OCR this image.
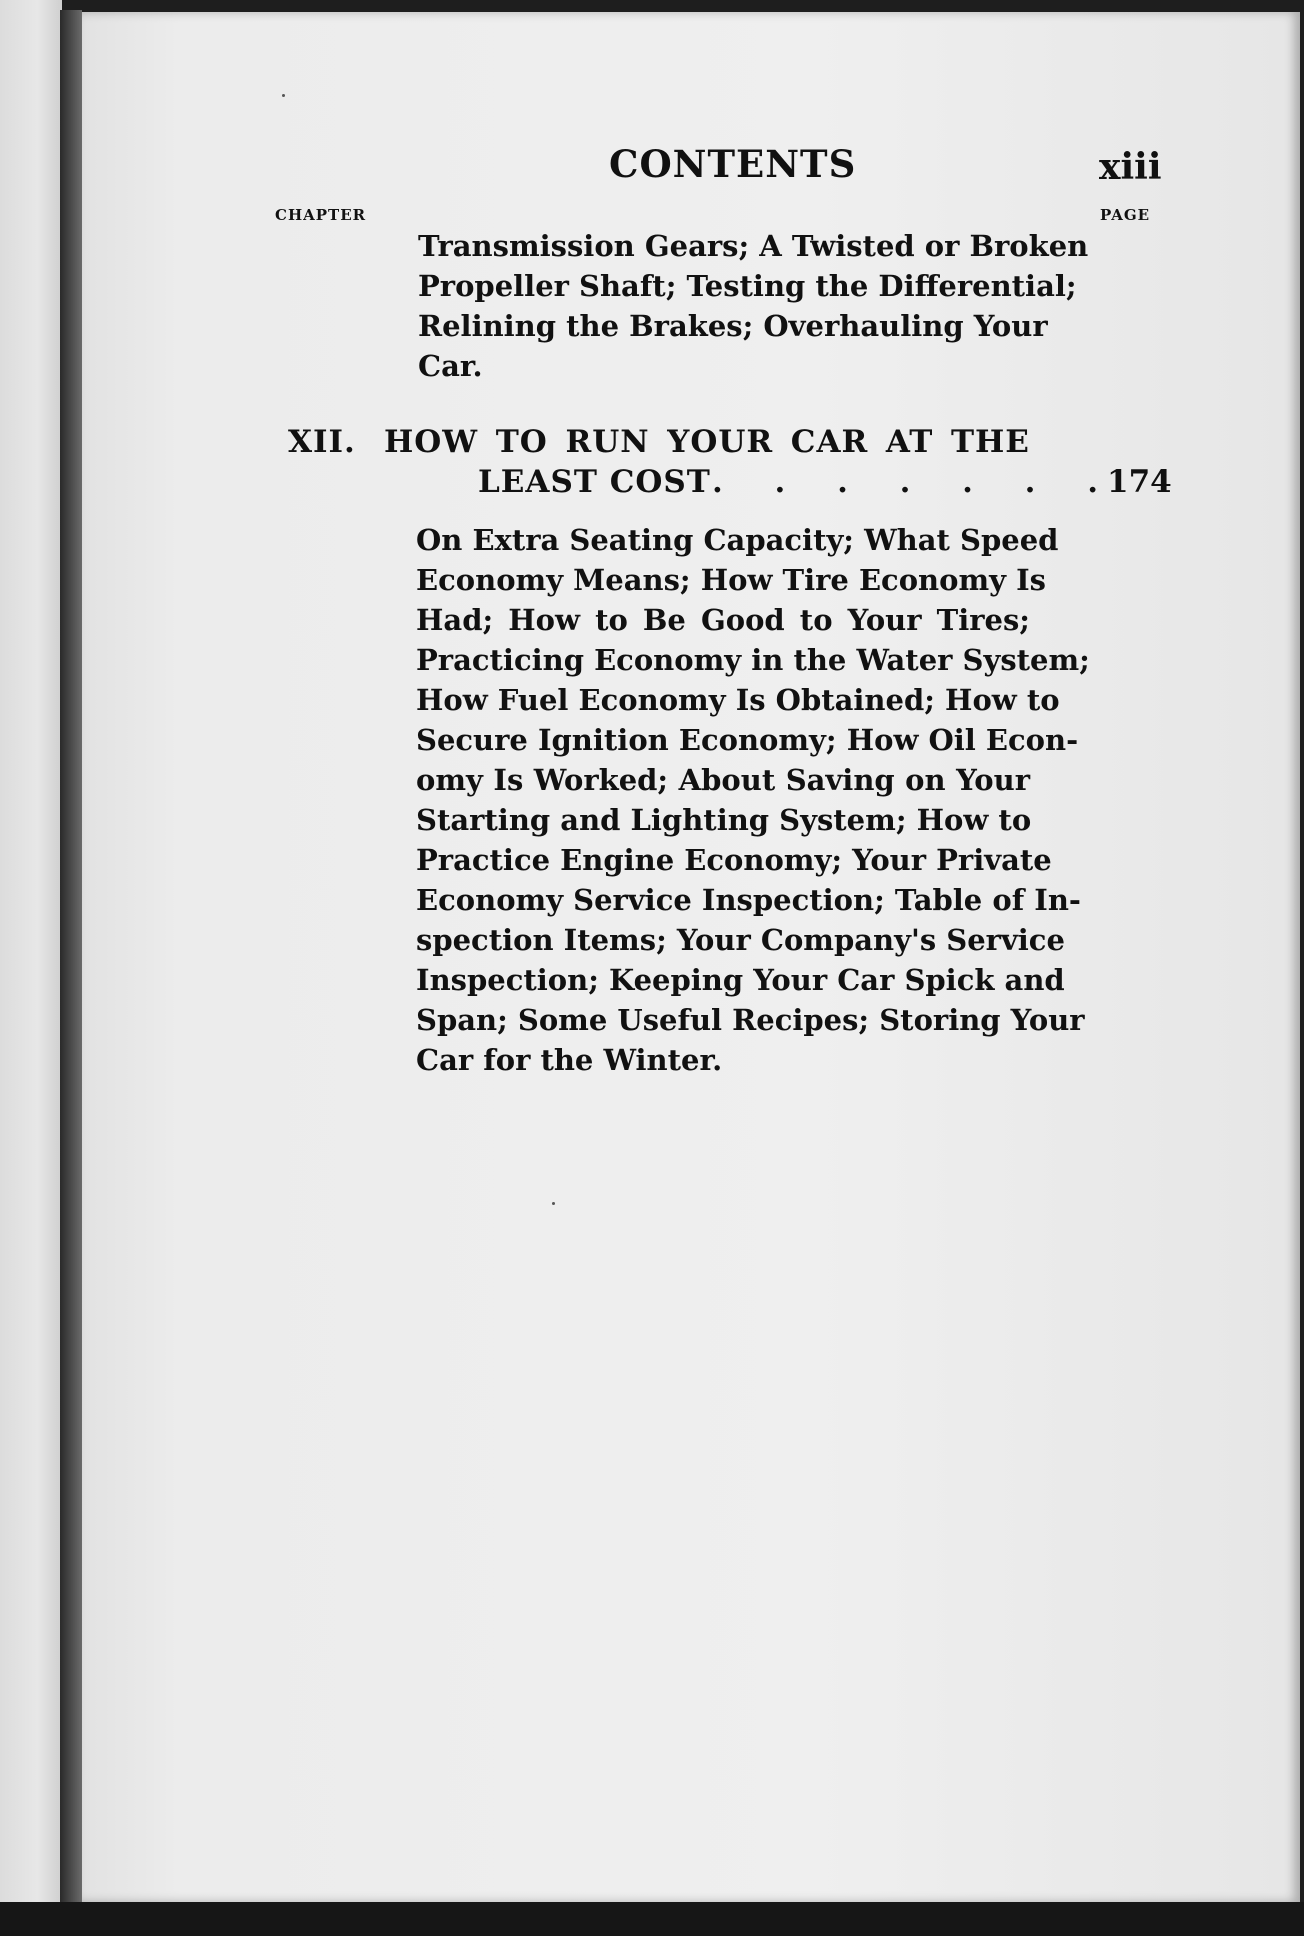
CONTENTS	xiii
CHAPTER	PAGE
Transmission Gears; A Twisted or Broken
Propeller Shaft; Testing the Differential;
Relining the Brakes; Overhauling Your
Car.
XII. HOW TO RUN YOUR CAR AT THE
LEAST COST . . . . . . . 174
On Extra Seating Capacity; What Speed
Economy Means; How Tire Economy Is
Had; How to Be Good to Your Tires;
Practicing Economy in the Water System;
How Fuel Economy Is Obtained; How to
Secure Ignition Economy; How Oil Econ-
omy Is Worked; About Saving on Your
Starting and Lighting System; How to
Practice Engine Economy; Your Private
Economy Service Inspection; Table of In-
spection Items; Your Company's Service
Inspection; Keeping Your Car Spick and
Span; Some Useful Recipes; Storing Your
Car for the Winter.
